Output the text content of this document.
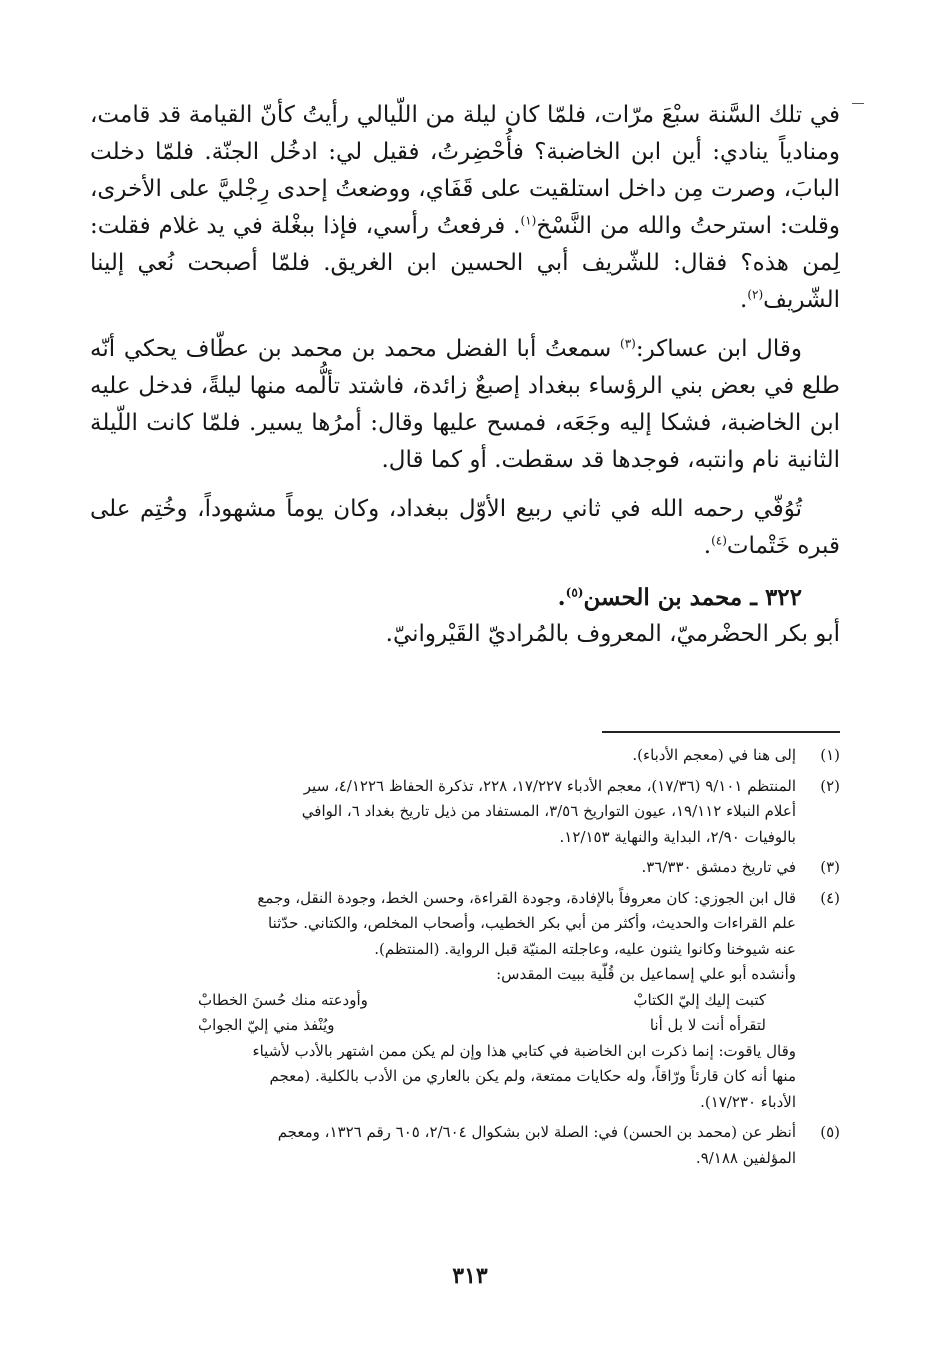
في تلك السَّنة سبْعَ مرّات، فلمّا كان ليلة من اللّيالي رأيتُ كأنّ القيامة قد قامت، ومنادياً ينادي: أين ابن الخاضبة؟ فأُحْضِرتُ، فقيل لي: ادخُل الجنّة. فلمّا دخلت البابَ، وصرت مِن داخل استلقيت على قَفَاي، ووضعتُ إحدى رِجْليَّ على الأخرى، وقلت: استرحتُ والله من النَّسْخ$^{(١)}$. فرفعتُ رأسي، فإذا ببغْلة في يد غلام فقلت: لِمن هذه؟ فقال: للشّريف أبي الحسين ابن الغريق. فلمّا أصبحت نُعي إلينا الشّريف$^{(٢)}$.

وقال ابن عساكر:$^{(٣)}$ سمعتُ أبا الفضل محمد بن محمد بن عطّاف يحكي أنّه طلع في بعض بني الرؤساء ببغداد إصبعٌ زائدة، فاشتد تألُّمه منها ليلةً، فدخل عليه ابن الخاضبة، فشكا إليه وجَعَه، فمسح عليها وقال: أمرُها يسير. فلمّا كانت اللّيلة الثانية نام وانتبه، فوجدها قد سقطت. أو كما قال.

تُوُفّي رحمه الله في ثاني ربيع الأوّل ببغداد، وكان يوماً مشهوداً، وخُتِم على قبره خَتْمات$^{(٤)}$.

٣٢٢ ـ محمد بن الحسن$^{(٥)}$.

أبو بكر الحضْرميّ، المعروف بالمُراديّ القَيْروانيّ.

(١)
إلى هنا في (معجم الأدباء).
(٢)
المنتظم ٩/١٠١ (١٧/٣٦)، معجم الأدباء ١٧/٢٢٧، ٢٢٨، تذكرة الحفاظ ٤/١٢٢٦، سير
أعلام النبلاء ١٩/١١٢، عيون التواريخ ٣/٥٦، المستفاد من ذيل تاريخ بغداد ٦، الوافي
بالوفيات ٢/٩٠، البداية والنهاية ١٢/١٥٣.
(٣)
في تاريخ دمشق ٣٦/٣٣٠.
(٤)
قال ابن الجوزي: كان معروفاً بالإفادة، وجودة القراءة، وحسن الخط، وجودة النقل، وجمع
علم القراءات والحديث، وأكثر من أبي بكر الخطيب، وأصحاب المخلص، والكتاني. حدّثنا
عنه شيوخنا وكانوا يثنون عليه، وعاجلته المنيّة قبل الرواية. (المنتظم).
وأنشده أبو علي إسماعيل بن قُلّية ببيت المقدس:
كتبت إليك إليّ الكتابْ
وأودعته منك حُسنَ الخطابْ
لتقرأه أنت لا بل أنا
ويُنْفذ مني إليّ الجوابْ
وقال ياقوت: إنما ذكرت ابن الخاضبة في كتابي هذا وإن لم يكن ممن اشتهر بالأدب لأشياء
منها أنه كان قارئاً ورّاقاً، وله حكايات ممتعة، ولم يكن بالعاري من الأدب بالكلية. (معجم
الأدباء ١٧/٢٣٠).
(٥)
أنظر عن (محمد بن الحسن) في: الصلة لابن بشكوال ٢/٦٠٤، ٦٠٥ رقم ١٣٢٦، ومعجم
المؤلفين ٩/١٨٨.
٣١٣
